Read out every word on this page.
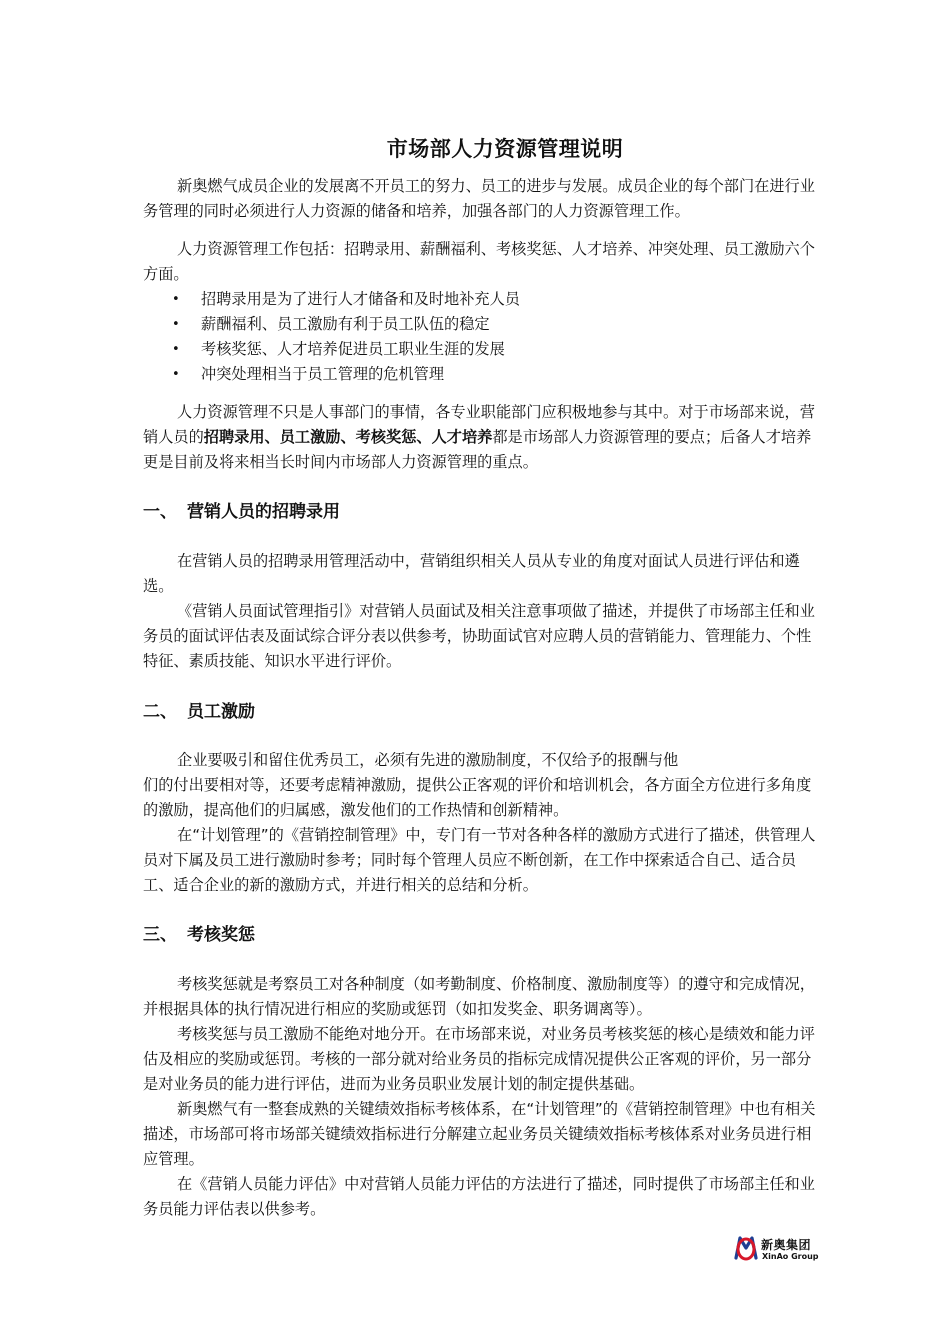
市场部人力资源管理说明

新奥燃气成员企业的发展离不开员工的努力、员工的进步与发展。成员企业的每个部门在进行业务管理的同时必须进行人力资源的储备和培养，加强各部门的人力资源管理工作。

人力资源管理工作包括：招聘录用、薪酬福利、考核奖惩、人才培养、冲突处理、员工激励六个方面。

• 招聘录用是为了进行人才储备和及时地补充人员
• 薪酬福利、员工激励有利于员工队伍的稳定
• 考核奖惩、人才培养促进员工职业生涯的发展
• 冲突处理相当于员工管理的危机管理

人力资源管理不只是人事部门的事情，各专业职能部门应积极地参与其中。对于市场部来说，营销人员的招聘录用、员工激励、考核奖惩、人才培养都是市场部人力资源管理的要点；后备人才培养更是目前及将来相当长时间内市场部人力资源管理的重点。

一、 营销人员的招聘录用

在营销人员的招聘录用管理活动中，营销组织相关人员从专业的角度对面试人员进行评估和遴选。

《营销人员面试管理指引》对营销人员面试及相关注意事项做了描述，并提供了市场部主任和业务员的面试评估表及面试综合评分表以供参考，协助面试官对应聘人员的营销能力、管理能力、个性特征、素质技能、知识水平进行评价。

二、 员工激励

企业要吸引和留住优秀员工，必须有先进的激励制度，不仅给予的报酬与他

们的付出要相对等，还要考虑精神激励，提供公正客观的评价和培训机会，各方面全方位进行多角度的激励，提高他们的归属感，激发他们的工作热情和创新精神。

在“计划管理”的《营销控制管理》中，专门有一节对各种各样的激励方式进行了描述，供管理人员对下属及员工进行激励时参考；同时每个管理人员应不断创新，在工作中探索适合自己、适合员工、适合企业的新的激励方式，并进行相关的总结和分析。

三、 考核奖惩

考核奖惩就是考察员工对各种制度（如考勤制度、价格制度、激励制度等）的遵守和完成情况，并根据具体的执行情况进行相应的奖励或惩罚（如扣发奖金、职务调离等）。

考核奖惩与员工激励不能绝对地分开。在市场部来说，对业务员考核奖惩的核心是绩效和能力评估及相应的奖励或惩罚。考核的一部分就对给业务员的指标完成情况提供公正客观的评价，另一部分是对业务员的能力进行评估，进而为业务员职业发展计划的制定提供基础。

新奥燃气有一整套成熟的关键绩效指标考核体系，在“计划管理”的《营销控制管理》中也有相关描述，市场部可将市场部关键绩效指标进行分解建立起业务员关键绩效指标考核体系对业务员进行相应管理。

在《营销人员能力评估》中对营销人员能力评估的方法进行了描述，同时提供了市场部主任和业务员能力评估表以供参考。

新奥集团
XinAo Group
